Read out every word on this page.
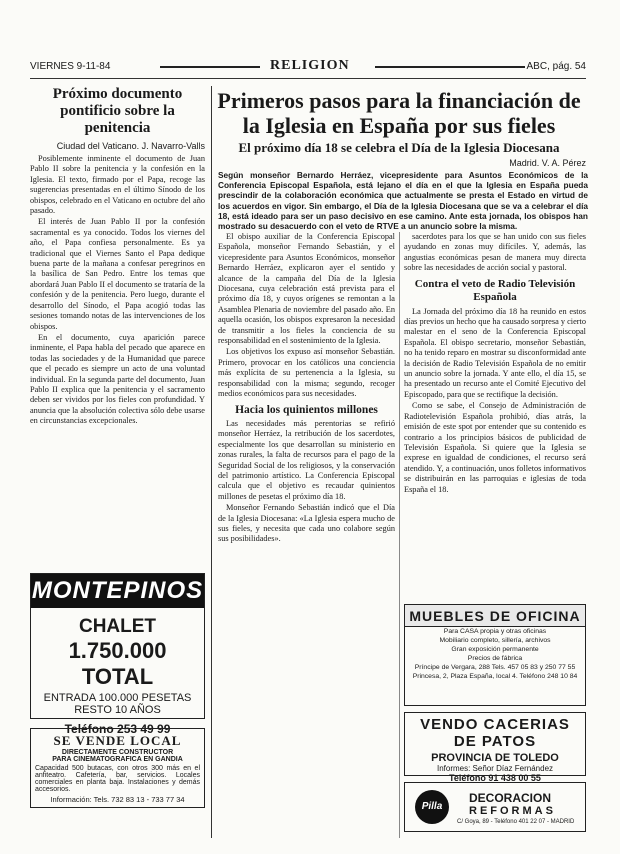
VIERNES 9-11-84	RELIGION	ABC, pág. 54
Próximo documento pontificio sobre la penitencia
Ciudad del Vaticano. J. Navarro-Valls

Posiblemente inminente el documento de Juan Pablo II sobre la penitencia y la confesión en la Iglesia. El texto, firmado por el Papa, recoge las sugerencias presentadas en el último Sínodo de los obispos, celebrado en el Vaticano en octubre del año pasado.

El interés de Juan Pablo II por la confesión sacramental es ya conocido. Todos los viernes del año, el Papa confiesa personalmente. Es ya tradicional que el Viernes Santo el Papa dedique buena parte de la mañana a confesar peregrinos en la basílica de San Pedro. Entre los temas que abordará Juan Pablo II el documento se trataría de la confesión y de la penitencia. Pero luego, durante el desarrollo del Sínodo, el Papa acogió todas las sesiones tomando notas de las intervenciones de los obispos.

En el documento, cuya aparición parece inminente, el Papa habla del pecado que aparece en todas las sociedades y de la Humanidad que parece que el pecado es siempre un acto de una voluntad individual. En la segunda parte del documento, Juan Pablo II explica que la penitencia y el sacramento deben ser vividos por los fieles con profundidad. Y anuncia que la absolución colectiva sólo debe usarse en circunstancias excepcionales.

MONTEPINOS
CHALET
1.750.000 TOTAL
ENTRADA 100.000 PESETAS
RESTO 10 AÑOS
Teléfono 253 49 99
SE VENDE LOCAL
DIRECTAMENTE CONSTRUCTOR
PARA CINEMATOGRAFICA EN GANDIA
Capacidad 500 butacas, con otros 300 más en el anfiteatro. Cafetería, bar, servicios. Locales comerciales en planta baja. Instalaciones y demás accesorios.
Información: Tels. 732 83 13 - 733 77 34
Primeros pasos para la financiación de la Iglesia en España por sus fieles
El próximo día 18 se celebra el Día de la Iglesia Diocesana
Madrid. V. A. Pérez
Según monseñor Bernardo Herráez, vicepresidente para Asuntos Económicos de la Conferencia Episcopal Española, está lejano el día en el que la Iglesia en España pueda prescindir de la colaboración económica que actualmente se presta el Estado en virtud de los acuerdos en vigor. Sin embargo, el Día de la Iglesia Diocesana que se va a celebrar el día 18, está ideado para ser un paso decisivo en ese camino. Ante esta jornada, los obispos han mostrado su desacuerdo con el veto de RTVE a un anuncio sobre la misma.

El obispo auxiliar de la Conferencia Episcopal Española, monseñor Fernando Sebastián, y el vicepresidente para Asuntos Económicos, monseñor Bernardo Herráez, explicaron ayer el sentido y alcance de la campaña del Día de la Iglesia Diocesana, cuya celebración está prevista para el próximo día 18, y cuyos orígenes se remontan a la Asamblea Plenaria de noviembre del pasado año. En aquella ocasión, los obispos expresaron la necesidad de transmitir a los fieles la conciencia de su responsabilidad en el sostenimiento de la Iglesia.

Los objetivos los expuso así monseñor Sebastián. Primero, provocar en los católicos una conciencia más explícita de su pertenencia a la Iglesia, su responsabilidad con la misma; segundo, recoger medios económicos para sus necesidades.

Hacia los quinientos millones

Las necesidades más perentorias se refirió monseñor Herráez, la retribución de los sacerdotes, especialmente los que desarrollan su ministerio en zonas rurales, la falta de recursos para el pago de la Seguridad Social de los religiosos, y la conservación del patrimonio artístico. La Conferencia Episcopal calcula que el objetivo es recaudar quinientos millones de pesetas el próximo día 18.

Monseñor Fernando Sebastián indicó que el Día de la Iglesia Diocesana: «La Iglesia espera mucho de sus fieles, y necesita que cada uno colabore según sus posibilidades».

sacerdotes para los que se han unido con sus fieles ayudando en zonas muy difíciles. Y, además, las angustias económicas pesan de manera muy directa sobre las necesidades de acción social y pastoral.

Contra el veto de Radio Televisión Española

La Jornada del próximo día 18 ha reunido en estos días previos un hecho que ha causado sorpresa y cierto malestar en el seno de la Conferencia Episcopal Española. El obispo secretario, monseñor Sebastián, no ha tenido reparo en mostrar su disconformidad ante la decisión de Radio Televisión Española de no emitir un anuncio sobre la jornada. Y ante ello, el día 15, se ha presentado un recurso ante el Comité Ejecutivo del Episcopado, para que se rectifique la decisión.

Como se sabe, el Consejo de Administración de Radiotelevisión Española prohibió, días atrás, la emisión de este spot por entender que su contenido es contrario a los principios básicos de publicidad de Televisión Española. Si quiere que la Iglesia se exprese en igualdad de condiciones, el recurso será atendido. Y, a continuación, unos folletos informativos se distribuirán en las parroquias e iglesias de toda España el 18.

MUEBLES DE OFICINA
Para CASA propia y otras oficinas
Mobiliario completo, sillería, archivos
Gran exposición permanente
Precios de fábrica
Príncipe de Vergara, 288 Tels. 457 05 83 y 250 77 55
Princesa, 2, Plaza España, local 4. Teléfono 248 10 84
VENDO CACERIAS
DE PATOS
PROVINCIA DE TOLEDO
Informes: Señor Díaz Fernández
Teléfono 91 438 00 55
Pilla
DECORACION
REFORMAS
C/ Goya, 89 - Teléfono 401 22 07 - MADRID
